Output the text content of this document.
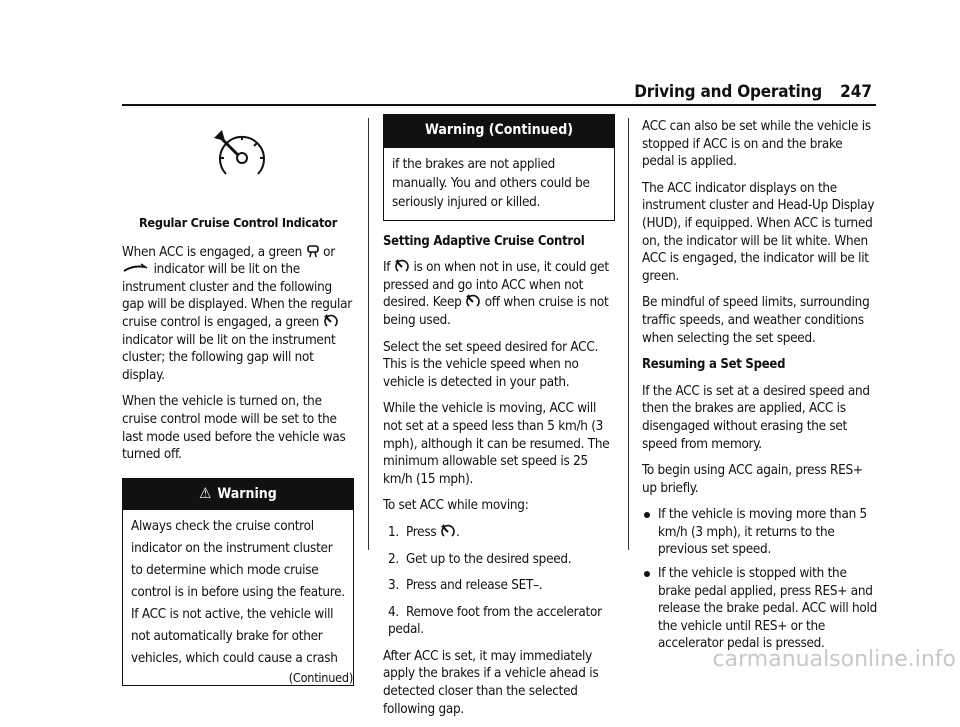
Driving and Operating 247
Regular Cruise Control Indicator

When ACC is engaged, a green or  indicator will be lit on the instrument cluster and the following gap will be displayed. When the regular cruise control is engaged, a green  indicator will be lit on the instrument cluster; the following gap will not display.

When the vehicle is turned on, the cruise control mode will be set to the last mode used before the vehicle was turned off.

⚠ Warning
Always check the cruise control indicator on the instrument cluster to determine which mode cruise control is in before using the feature. If ACC is not active, the vehicle will not automatically brake for other vehicles, which could cause a crash
(Continued)
Warning (Continued)
if the brakes are not applied manually. You and others could be seriously injured or killed.
Setting Adaptive Cruise Control

If is on when not in use, it could get pressed and go into ACC when not desired. Keep off when cruise is not being used.

Select the set speed desired for ACC. This is the vehicle speed when no vehicle is detected in your path.

While the vehicle is moving, ACC will not set at a speed less than 5 km/h (3 mph), although it can be resumed. The minimum allowable set speed is 25 km/h (15 mph).

To set ACC while moving:

1. Press .
2. Get up to the desired speed.
3. Press and release SET–.
4. Remove foot from the accelerator pedal.

After ACC is set, it may immediately apply the brakes if a vehicle ahead is detected closer than the selected following gap.

ACC can also be set while the vehicle is stopped if ACC is on and the brake pedal is applied.

The ACC indicator displays on the instrument cluster and Head-Up Display (HUD), if equipped. When ACC is turned on, the indicator will be lit white. When ACC is engaged, the indicator will be lit green.

Be mindful of speed limits, surrounding traffic speeds, and weather conditions when selecting the set speed.

Resuming a Set Speed

If the ACC is set at a desired speed and then the brakes are applied, ACC is disengaged without erasing the set speed from memory.

To begin using ACC again, press RES+ up briefly.

If the vehicle is moving more than 5 km/h (3 mph), it returns to the previous set speed.
If the vehicle is stopped with the brake pedal applied, press RES+ and release the brake pedal. ACC will hold the vehicle until RES+ or the accelerator pedal is pressed.
carmanualsonline.info
